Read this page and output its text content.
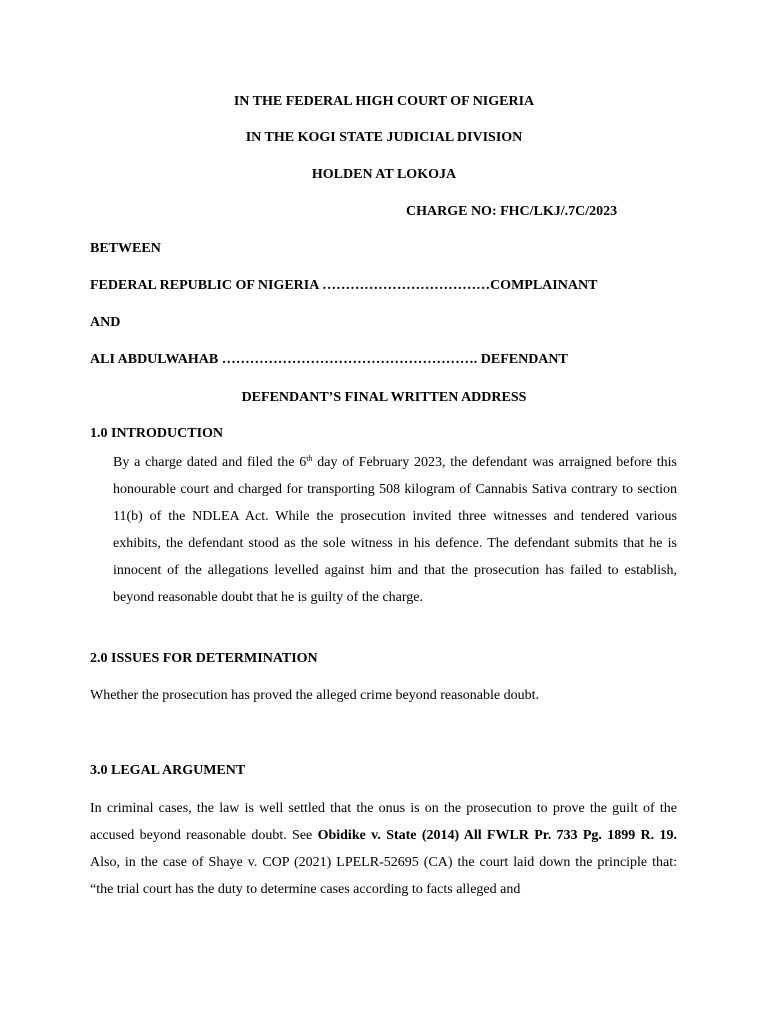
IN THE FEDERAL HIGH COURT OF NIGERIA
IN THE KOGI STATE JUDICIAL DIVISION
HOLDEN AT LOKOJA
CHARGE NO: FHC/LKJ/.7C/2023
BETWEEN
FEDERAL REPUBLIC OF NIGERIA ………………………………COMPLAINANT
AND
ALI ABDULWAHAB ………………………………………………. DEFENDANT
DEFENDANT’S FINAL WRITTEN ADDRESS
1.0 INTRODUCTION
By a charge dated and filed the 6th day of February 2023, the defendant was arraigned before this honourable court and charged for transporting 508 kilogram of Cannabis Sativa contrary to section 11(b) of the NDLEA Act. While the prosecution invited three witnesses and tendered various exhibits, the defendant stood as the sole witness in his defence. The defendant submits that he is innocent of the allegations levelled against him and that the prosecution has failed to establish, beyond reasonable doubt that he is guilty of the charge.
2.0 ISSUES FOR DETERMINATION
Whether the prosecution has proved the alleged crime beyond reasonable doubt.
3.0 LEGAL ARGUMENT
In criminal cases, the law is well settled that the onus is on the prosecution to prove the guilt of the accused beyond reasonable doubt. See Obidike v. State (2014) All FWLR Pr. 733 Pg. 1899 R. 19. Also, in the case of Shaye v. COP (2021) LPELR-52695 (CA) the court laid down the principle that: “the trial court has the duty to determine cases according to facts alleged and
